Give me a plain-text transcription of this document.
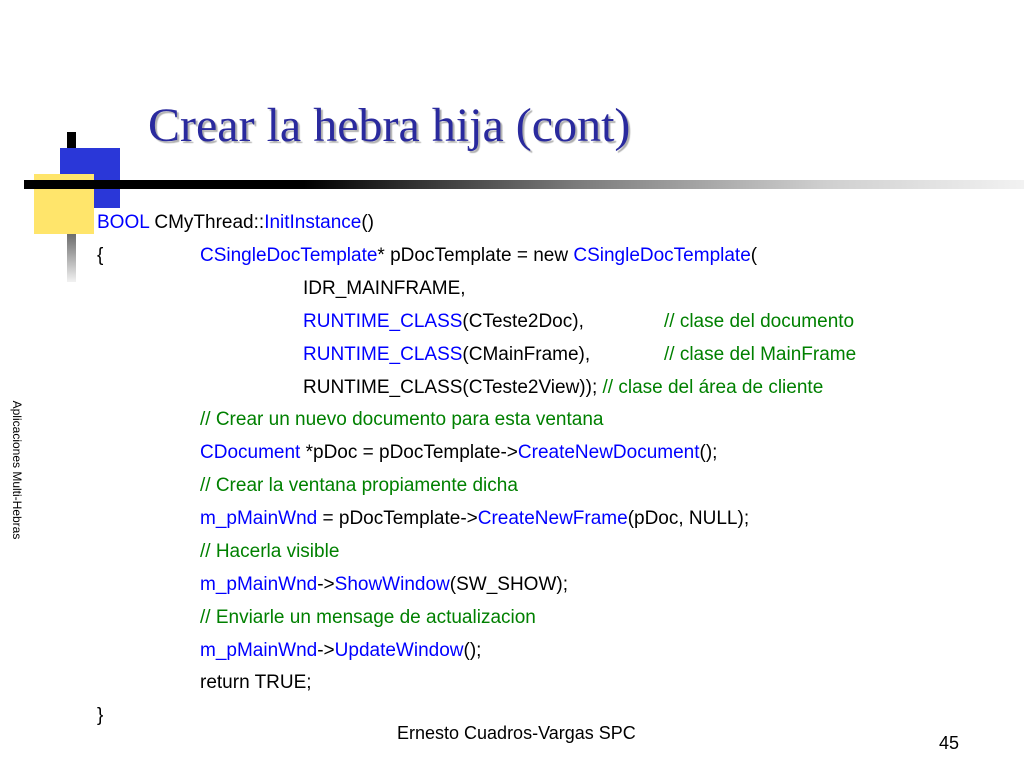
Crear la hebra hija (cont)
Aplicaciones Multi-Hebras
BOOL CMyThread::InitInstance()
{	CSingleDocTemplate* pDocTemplate = new CSingleDocTemplate(
IDR_MAINFRAME,
RUNTIME_CLASS(CTeste2Doc),	// clase del documento
RUNTIME_CLASS(CMainFrame),	// clase del MainFrame
RUNTIME_CLASS(CTeste2View)); // clase del área de cliente
// Crear un nuevo documento para esta ventana
CDocument *pDoc = pDocTemplate->CreateNewDocument();
// Crear la ventana propiamente dicha
m_pMainWnd = pDocTemplate->CreateNewFrame(pDoc, NULL);
// Hacerla visible
m_pMainWnd->ShowWindow(SW_SHOW);
// Enviarle un mensage de actualizacion
m_pMainWnd->UpdateWindow();
return TRUE;
}
Ernesto Cuadros-Vargas SPC	45
